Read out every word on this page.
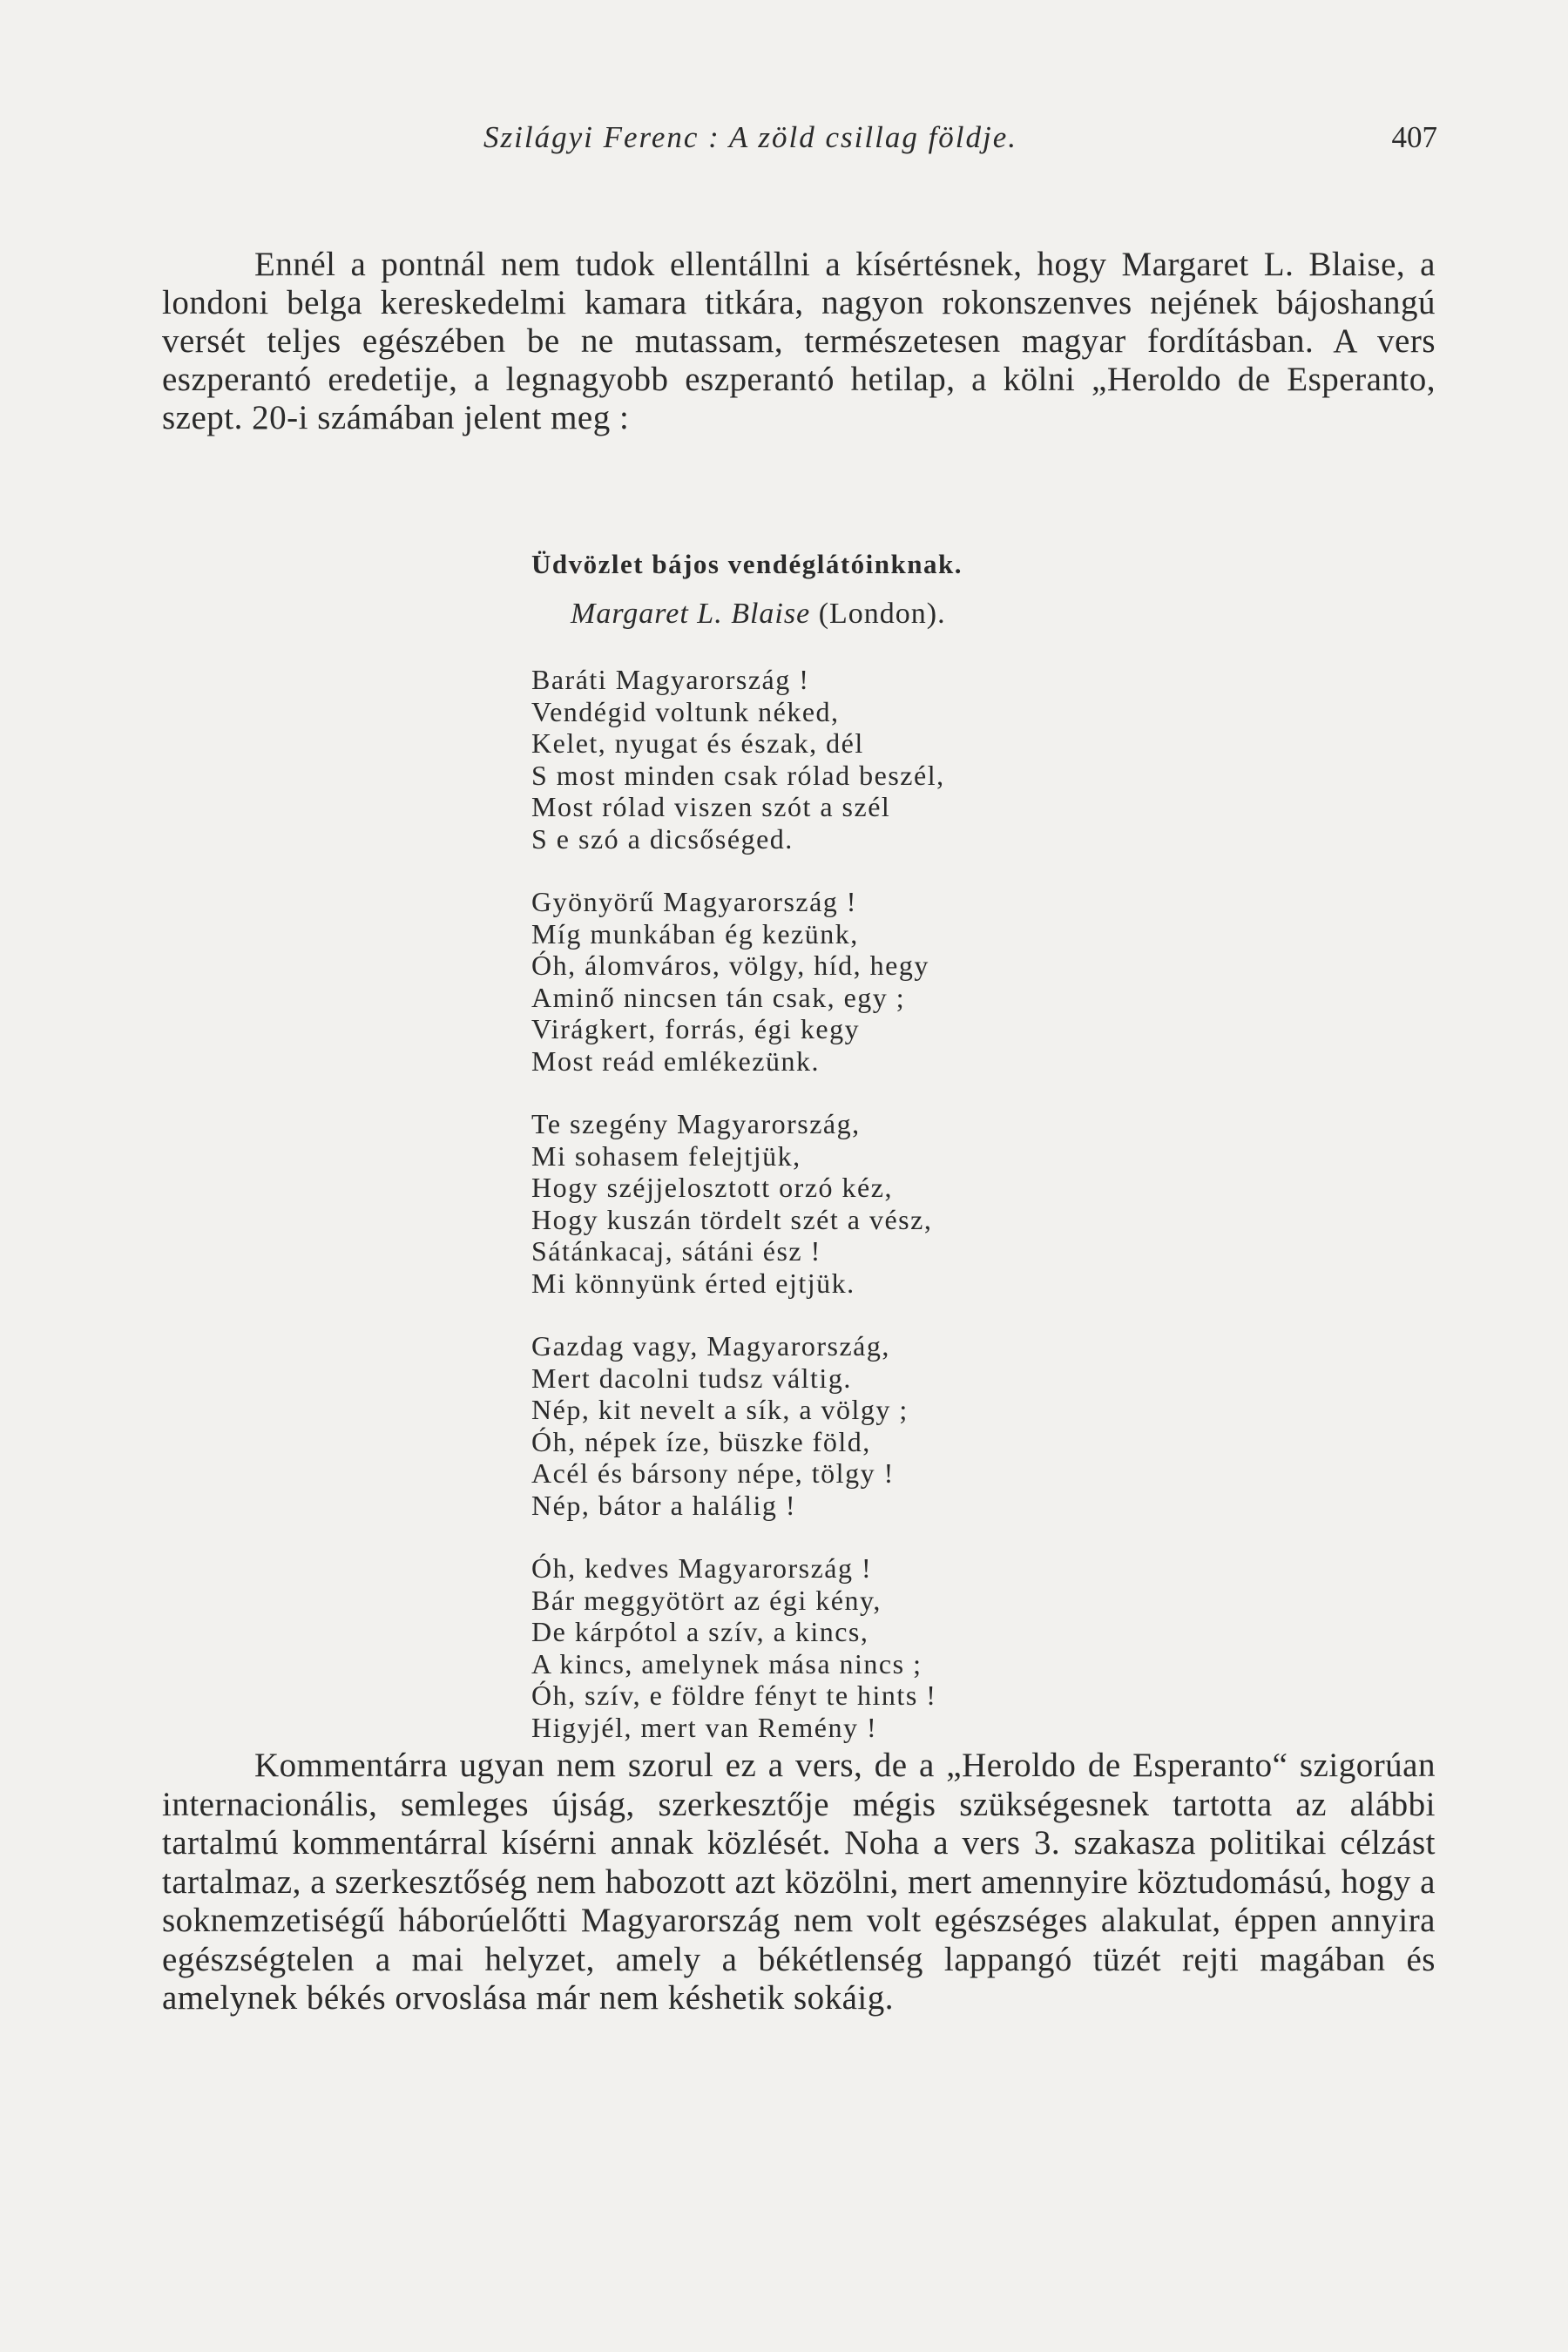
Szilágyi Ferenc : A zöld csillag földje.	407

Ennél a pontnál nem tudok ellentállni a kísértésnek, hogy Margaret L. Blaise, a londoni belga kereskedelmi kamara titkára, nagyon rokonszenves nejének bájoshangú versét teljes egészében be ne mutassam, természetesen magyar fordításban. A vers eszperantó eredetije, a legnagyobb eszperantó hetilap, a kölni „Heroldo de Esperanto, szept. 20-i számában jelent meg :

Üdvözlet bájos vendéglátóinknak.
Margaret L. Blaise (London).
Baráti Magyarország !
Vendégid voltunk néked,
Kelet, nyugat és észak, dél
S most minden csak rólad beszél,
Most rólad viszen szót a szél
S e szó a dicsőséged.
Gyönyörű Magyarország !
Míg munkában ég kezünk,
Óh, álomváros, völgy, híd, hegy
Aminő nincsen tán csak, egy ;
Virágkert, forrás, égi kegy
Most reád emlékezünk.
Te szegény Magyarország,
Mi sohasem felejtjük,
Hogy széjjelosztott orzó kéz,
Hogy kuszán tördelt szét a vész,
Sátánkacaj, sátáni ész !
Mi könnyünk érted ejtjük.
Gazdag vagy, Magyarország,
Mert dacolni tudsz váltig.
Nép, kit nevelt a sík, a völgy ;
Óh, népek íze, büszke föld,
Acél és bársony népe, tölgy !
Nép, bátor a halálig !
Óh, kedves Magyarország !
Bár meggyötört az égi kény,
De kárpótol a szív, a kincs,
A kincs, amelynek mása nincs ;
Óh, szív, e földre fényt te hints !
Higyjél, mert van Remény !

Kommentárra ugyan nem szorul ez a vers, de a „Heroldo de Esperanto“ szigorúan internacionális, semleges újság, szerkesztője mégis szükségesnek tartotta az alábbi tartalmú kommentárral kísérni annak közlését. Noha a vers 3. szakasza politikai célzást tartalmaz, a szerkesztőség nem habozott azt közölni, mert amennyire köztudomású, hogy a soknemzetiségű háborúelőtti Magyarország nem volt egészséges alakulat, éppen annyira egészségtelen a mai helyzet, amely a békétlenség lappangó tüzét rejti magában és amelynek békés orvoslása már nem késhetik sokáig.
